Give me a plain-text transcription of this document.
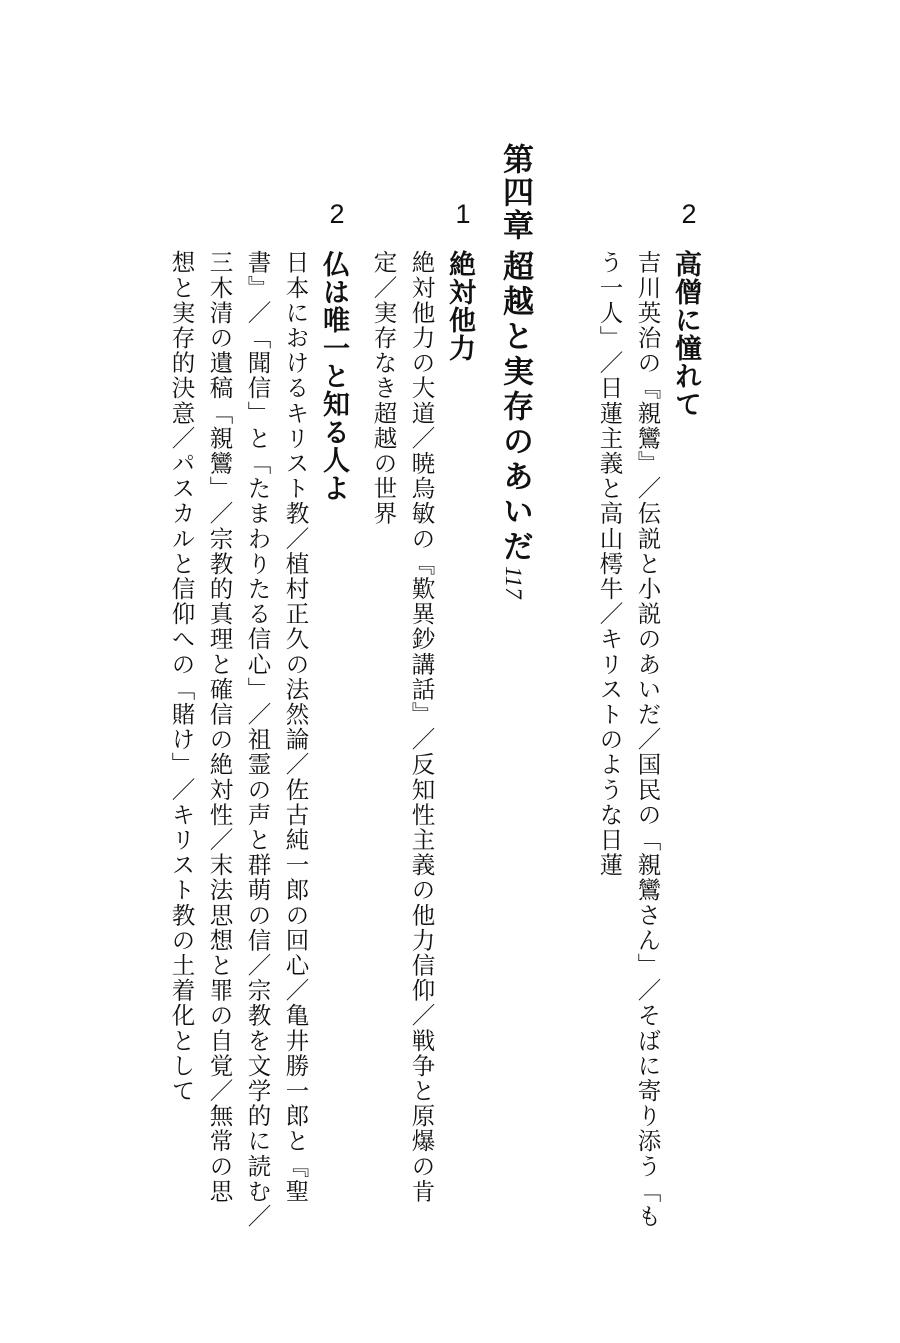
2
高僧に憧れて
吉川英治の『親鸞』／伝説と小説のあいだ／国民の「親鸞さん」／そばに寄り添う「も
う一人」／日蓮主義と高山樗牛／キリストのような日蓮
第四章
超越と実存のあいだ
117
1
絶対他力
絶対他力の大道／暁烏敏の『歎異鈔講話』／反知性主義の他力信仰／戦争と原爆の肯
定／実存なき超越の世界
2
仏は唯一と知る人よ
日本におけるキリスト教／植村正久の法然論／佐古純一郎の回心／亀井勝一郎と『聖
書』／「聞信」と「たまわりたる信心」／祖霊の声と群萌の信／宗教を文学的に読む／
三木清の遺稿「親鸞」／宗教的真理と確信の絶対性／末法思想と罪の自覚／無常の思
想と実存的決意／パスカルと信仰への「賭け」／キリスト教の土着化として
